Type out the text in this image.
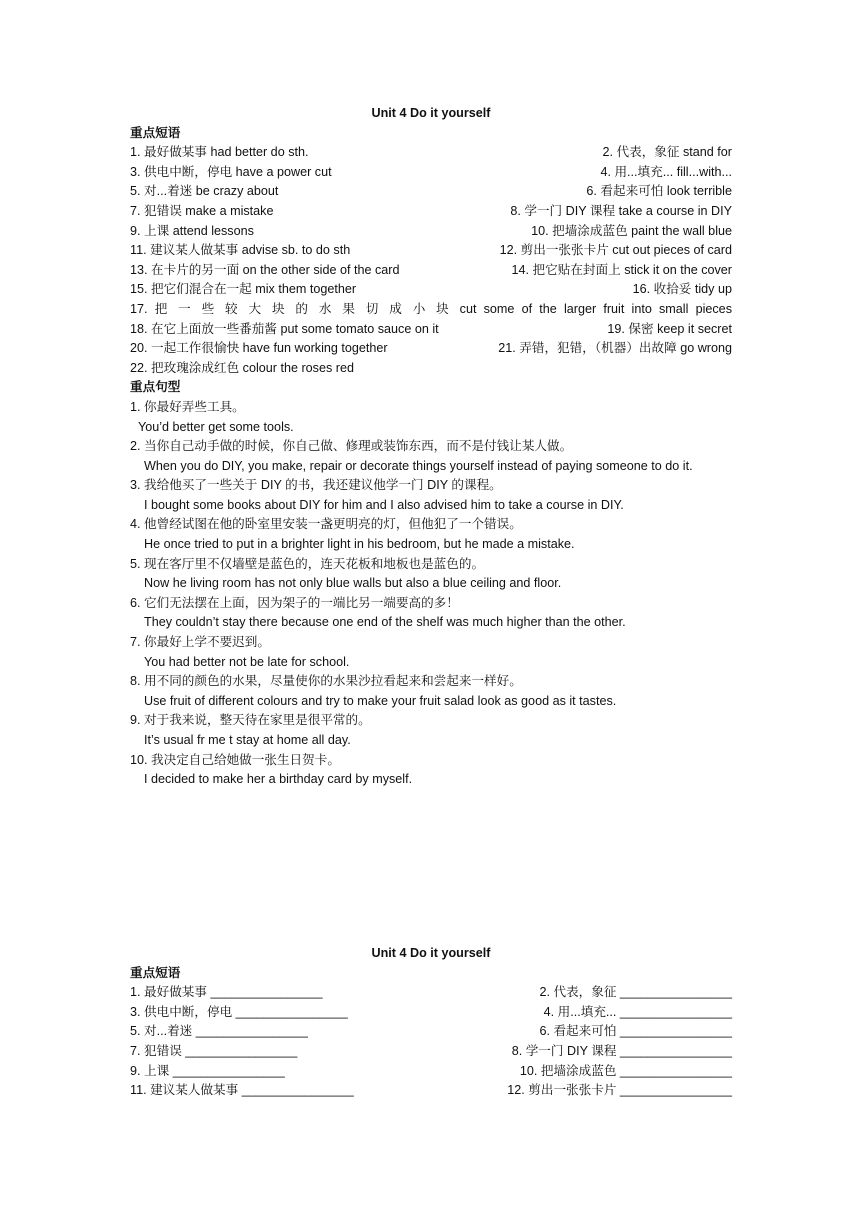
Unit 4 Do it yourself
重点短语
1. 最好做某事 had better do sth.	2. 代表，象征 stand for
3. 供电中断，停电 have a power cut	4. 用...填充... fill...with...
5. 对...着迷 be crazy about	6. 看起来可怕 look terrible
7. 犯错误 make a mistake	8. 学一门 DIY 课程 take a course in DIY
9. 上课 attend lessons	10. 把墙涂成蓝色 paint the wall blue
11. 建议某人做某事 advise sb. to do sth	12. 剪出一张张卡片 cut out pieces of card
13. 在卡片的另一面 on the other side of the card	14. 把它贴在封面上 stick it on the cover
15. 把它们混合在一起 mix them together	16. 收拾妥 tidy up
17. 把 一 些 较 大 块 的 水 果 切 成 小 块 cut some of the larger fruit into small pieces
18. 在它上面放一些番茄酱 put some tomato sauce on it	19. 保密 keep it secret
20. 一起工作很愉快 have fun working together	21. 弄错，犯错，（机器）出故障 go wrong
22. 把玫瑰涂成红色 colour the roses red
重点句型
1. 你最好弄些工具。
You’d better get some tools.
2. 当你自己动手做的时候，你自己做、修理或装饰东西，而不是付钱让某人做。
When you do DIY, you make, repair or decorate things yourself instead of paying someone to do it.
3. 我给他买了一些关于 DIY 的书，我还建议他学一门 DIY 的课程。
I bought some books about DIY for him and I also advised him to take a course in DIY.
4. 他曾经试图在他的卧室里安装一盏更明亮的灯，但他犯了一个错误。
He once tried to put in a brighter light in his bedroom, but he made a mistake.
5. 现在客厅里不仅墙壁是蓝色的，连天花板和地板也是蓝色的。
Now he living room has not only blue walls but also a blue ceiling and floor.
6. 它们无法摆在上面，因为架子的一端比另一端要高的多！
They couldn’t stay there because one end of the shelf was much higher than the other.
7. 你最好上学不要迟到。
You had better not be late for school.
8. 用不同的颜色的水果，尽量使你的水果沙拉看起来和尝起来一样好。
Use fruit of different colours and try to make your fruit salad look as good as it tastes.
9. 对于我来说，整天待在家里是很平常的。
It’s usual fr me t stay at home all day.
10. 我决定自己给她做一张生日贺卡。
I decided to make her a birthday card by myself.
Unit 4 Do it yourself
重点短语
1. 最好做某事 ________________	2. 代表，象征 ________________
3. 供电中断，停电 ________________	4. 用...填充... ________________
5. 对...着迷 ________________	6. 看起来可怕 ________________
7. 犯错误 ________________	8. 学一门 DIY 课程 ________________
9. 上课 ________________	10. 把墙涂成蓝色 ________________
11. 建议某人做某事 ________________	12. 剪出一张张卡片 ________________
